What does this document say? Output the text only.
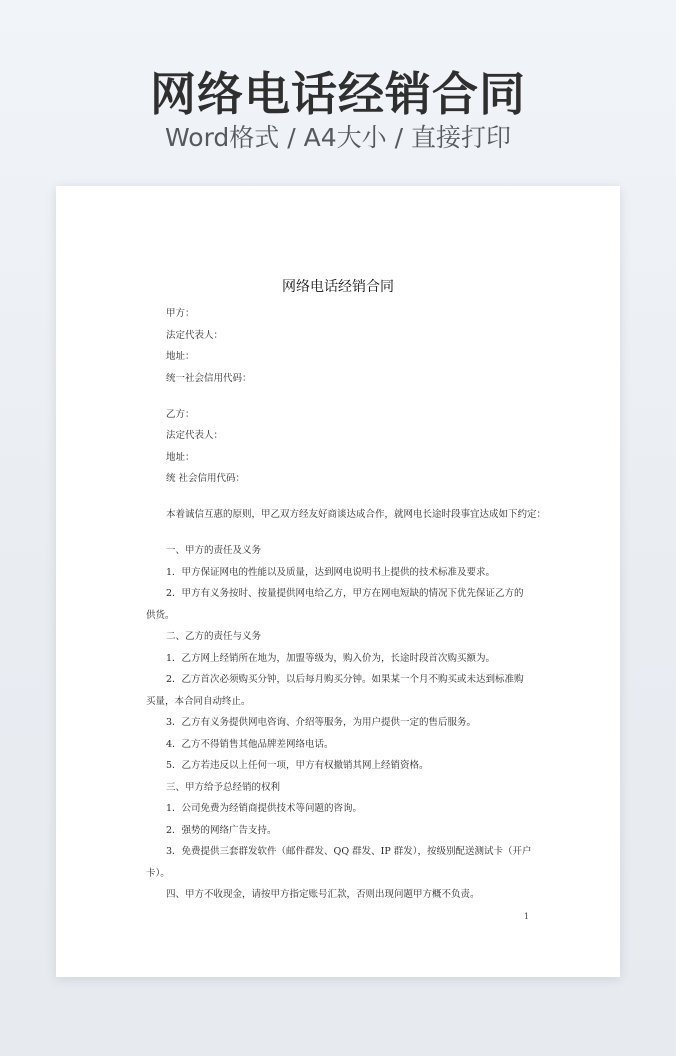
网络电话经销合同
Word格式 / A4大小 / 直接打印
网络电话经销合同
甲方：
法定代表人：
地址：
统一社会信用代码：
乙方：
法定代表人：
地址：
统 社会信用代码：
本着诚信互惠的原则，甲乙双方经友好商谈达成合作，就网电长途时段事宜达成如下约定：
一、甲方的责任及义务
1．甲方保证网电的性能以及质量，达到网电说明书上提供的技术标准及要求。
2．甲方有义务按时、按量提供网电给乙方，甲方在网电短缺的情况下优先保证乙方的
供货。
二、乙方的责任与义务
1．乙方网上经销所在地为，加盟等级为，购入价为，长途时段首次购买额为。
2．乙方首次必须购买分钟，以后每月购买分钟。如果某一个月不购买或未达到标准购
买量，本合同自动终止。
3．乙方有义务提供网电咨询、介绍等服务，为用户提供一定的售后服务。
4．乙方不得销售其他品牌差网络电话。
5．乙方若违反以上任何一项，甲方有权撤销其网上经销资格。
三、甲方给予总经销的权利
1．公司免费为经销商提供技术等问题的咨询。
2．强势的网络广告支持。
3．免费提供三套群发软件（邮件群发、QQ 群发、IP 群发），按级别配送测试卡（开户
卡）。
四、甲方不收现金，请按甲方指定账号汇款，否则出现问题甲方概不负责。
1
